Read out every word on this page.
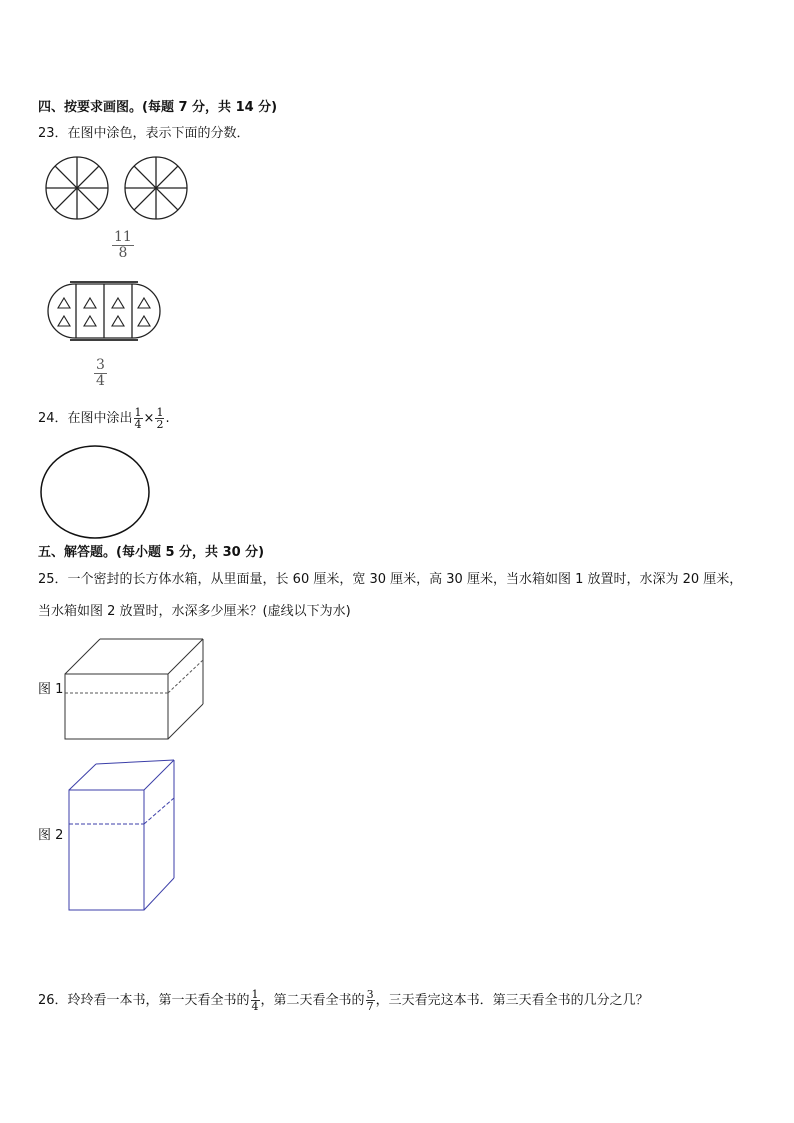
四、按要求画图。(每题 7 分，共 14 分)
23．在图中涂色，表示下面的分数．
$\frac{11}{8}$
$\frac{3}{4}$
24．在图中涂出 $\frac{1}{4} \times \frac{1}{2}$ .
五、解答题。(每小题 5 分，共 30 分)
25．一个密封的长方体水箱，从里面量，长 60 厘米，宽 30 厘米，高 30 厘米，当水箱如图 1 放置时，水深为 20 厘米，
当水箱如图 2 放置时，水深多少厘米？(虚线以下为水)
图 1
图 2
26．玲玲看一本书，第一天看全书的 $\frac{1}{4}$ ，第二天看全书的 $\frac{3}{7}$ ，三天看完这本书．第三天看全书的几分之几？
